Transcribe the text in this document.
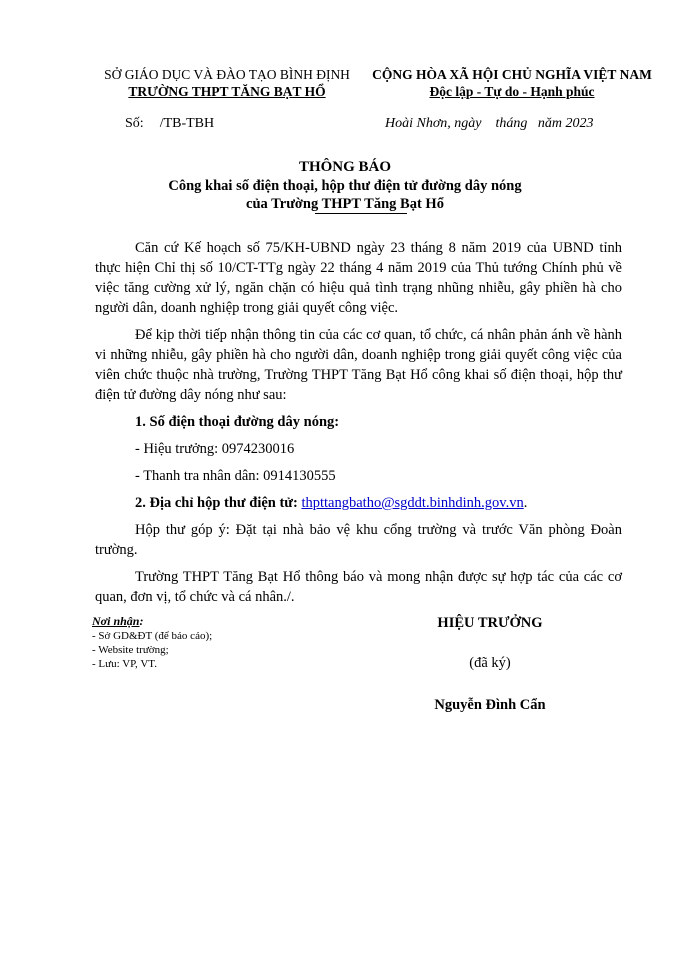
SỞ GIÁO DỤC VÀ ĐÀO TẠO BÌNH ĐỊNH
TRƯỜNG THPT TĂNG BẠT HỔ
CỘNG HÒA XÃ HỘI CHỦ NGHĨA VIỆT NAM
Độc lập - Tự do - Hạnh phúc
Số: /TB-TBH	Hoài Nhơn, ngày    tháng   năm 2023
THÔNG BÁO
Công khai số điện thoại, hộp thư điện tử đường dây nóng
của Trường THPT Tăng Bạt Hổ

Căn cứ Kế hoạch số 75/KH-UBND ngày 23 tháng 8 năm 2019 của UBND tỉnh thực hiện Chỉ thị số 10/CT-TTg ngày 22 tháng 4 năm 2019 của Thủ tướng Chính phủ về việc tăng cường xử lý, ngăn chặn có hiệu quả tình trạng nhũng nhiễu, gây phiền hà cho người dân, doanh nghiệp trong giải quyết công việc.

Để kịp thời tiếp nhận thông tin của các cơ quan, tổ chức, cá nhân phản ánh về hành vi những nhiễu, gây phiền hà cho người dân, doanh nghiệp trong giải quyết công việc của viên chức thuộc nhà trường, Trường THPT Tăng Bạt Hổ công khai số điện thoại, hộp thư điện tử đường dây nóng như sau:

1. Số điện thoại đường dây nóng:
- Hiệu trưởng: 0974230016
- Thanh tra nhân dân: 0914130555
2. Địa chỉ hộp thư điện tử: thpttangbatho@sgddt.binhdinh.gov.vn.

Hộp thư góp ý: Đặt tại nhà bảo vệ khu cổng trường và trước Văn phòng Đoàn trường.

Trường THPT Tăng Bạt Hổ thông báo và mong nhận được sự hợp tác của các cơ quan, đơn vị, tổ chức và cá nhân./.

Nơi nhận:
- Sở GD&ĐT (để báo cáo);
- Website trường;
- Lưu: VP, VT.
HIỆU TRƯỞNG
(đã ký)
Nguyễn Đình Cẩn
